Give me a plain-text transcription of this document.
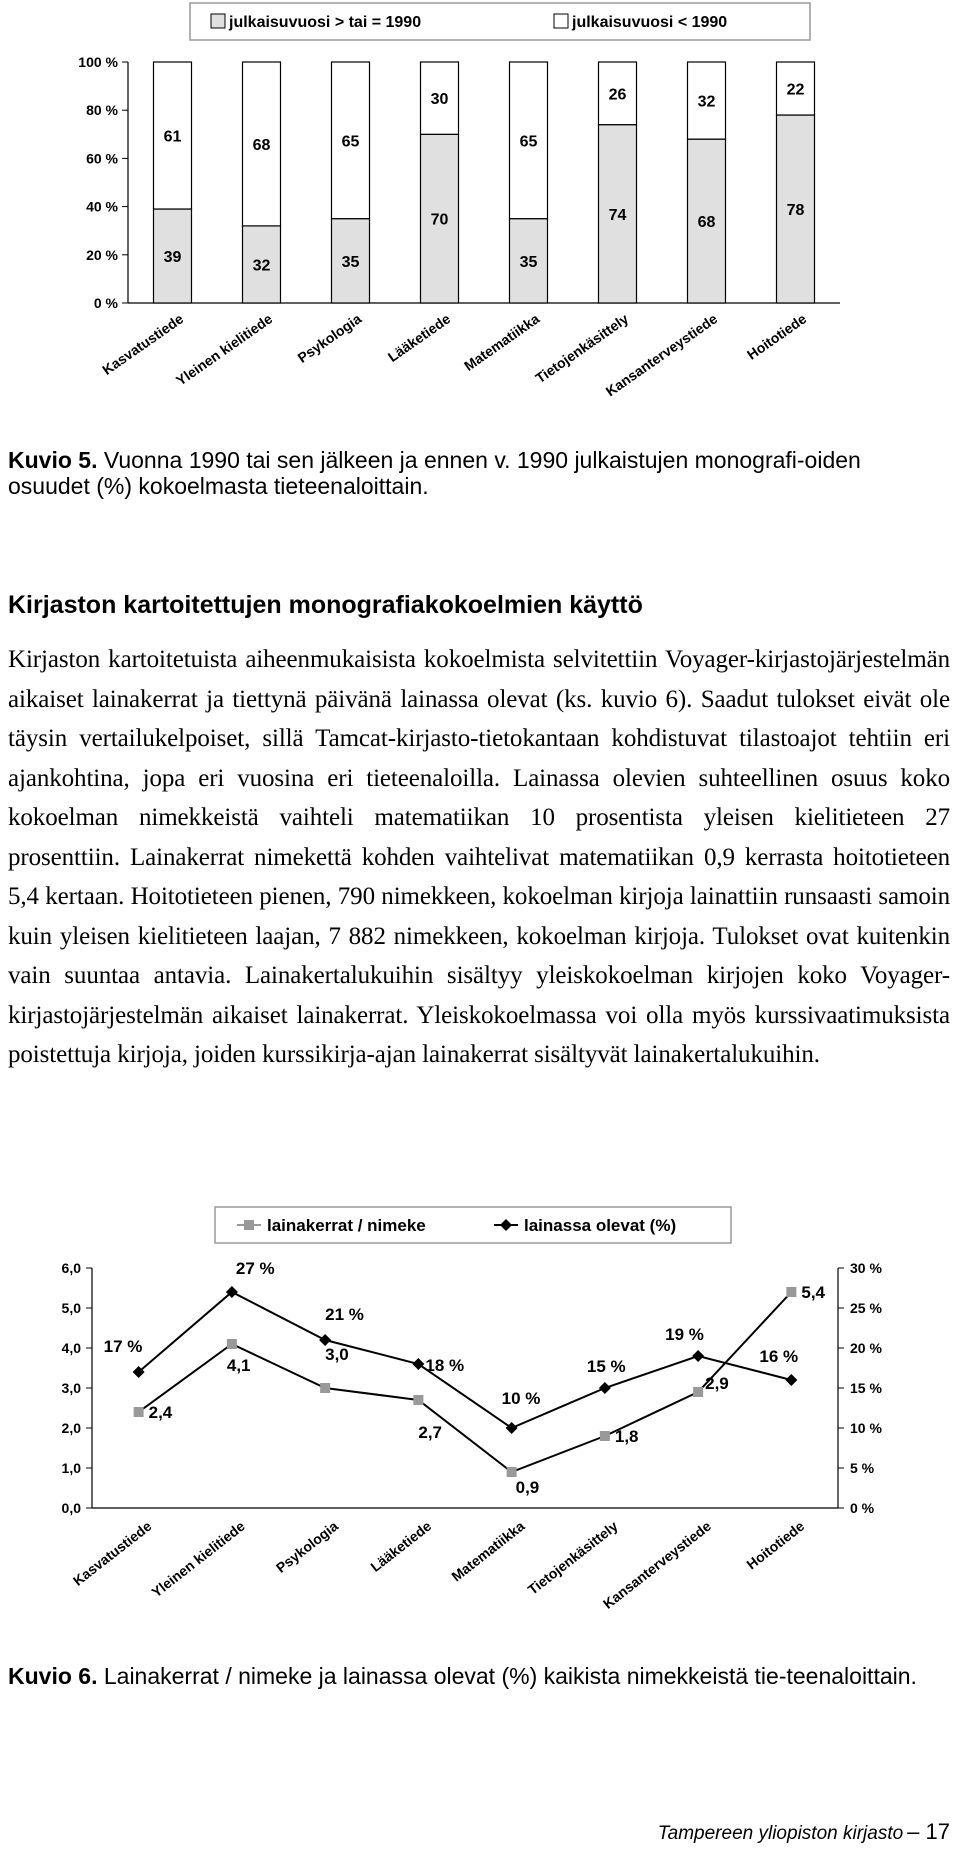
julkaisuvuosi > tai = 1990	julkaisuvuosi < 1990
0 %
20 %
40 %
60 %
80 %
100 %
39
61
32
68
35
65
70
30
35
65
74
26
68
32
78
22
Kasvatustiede
Yleinen kielitiede Psykologia Lääketiede Matematiikka
Tietojenkäsittely
Kansanterveystiede Hoitotiede
Kuvio 5. Vuonna 1990 tai sen jälkeen ja ennen v. 1990 julkaistujen monografi-oiden osuudet (%) kokoelmasta tieteenaloittain.
Kirjaston kartoitettujen monografiakokoelmien käyttö
Kirjaston kartoitetuista aiheenmukaisista kokoelmista selvitettiin Voyager-kirjastojärjestelmän aikaiset lainakerrat ja tiettynä päivänä lainassa olevat (ks. kuvio 6). Saadut tulokset eivät ole täysin vertailukelpoiset, sillä Tamcat-kirjasto-tietokantaan kohdistuvat tilastoajot tehtiin eri ajankohtina, jopa eri vuosina eri tieteenaloilla. Lainassa olevien suhteellinen osuus koko kokoelman nimekkeistä vaihteli matematiikan 10 prosentista yleisen kielitieteen 27 prosenttiin. Lainakerrat nimekettä kohden vaihtelivat matematiikan 0,9 kerrasta hoitotieteen 5,4 kertaan. Hoitotieteen pienen, 790 nimekkeen, kokoelman kirjoja lainattiin runsaasti samoin kuin yleisen kielitieteen laajan, 7 882 nimekkeen, kokoelman kirjoja. Tulokset ovat kuitenkin vain suuntaa antavia. Lainakertalukuihin sisältyy yleiskokoelman kirjojen koko Voyager- kirjastojärjestelmän aikaiset lainakerrat. Yleiskokoelmassa voi olla myös kurssivaatimuksista poistettuja kirjoja, joiden kurssikirja-ajan lainakerrat sisältyvät lainakertalukuihin.
lainakerrat / nimeke	lainassa olevat (%)
0,0
1,0
2,0
3,0
4,0
5,0
6,0
0 %
5 %
10 %
15 %
20 %
25 %
30 %
2,4
4,1
3,0
2,7
0,9
1,8
2,9
5,4
17 %
27 %
21 %
18 %
10 %
15 %
19 %
16 %
Kasvatustiede
Yleinen kielitiede Psykologia Lääketiede Matematiikka
Tietojenkäsittely
Kansanterveystiede Hoitotiede
Kuvio 6. Lainakerrat / nimeke ja lainassa olevat (%) kaikista nimekkeistä tie-teenaloittain.
Tampereen yliopiston kirjasto – 17
